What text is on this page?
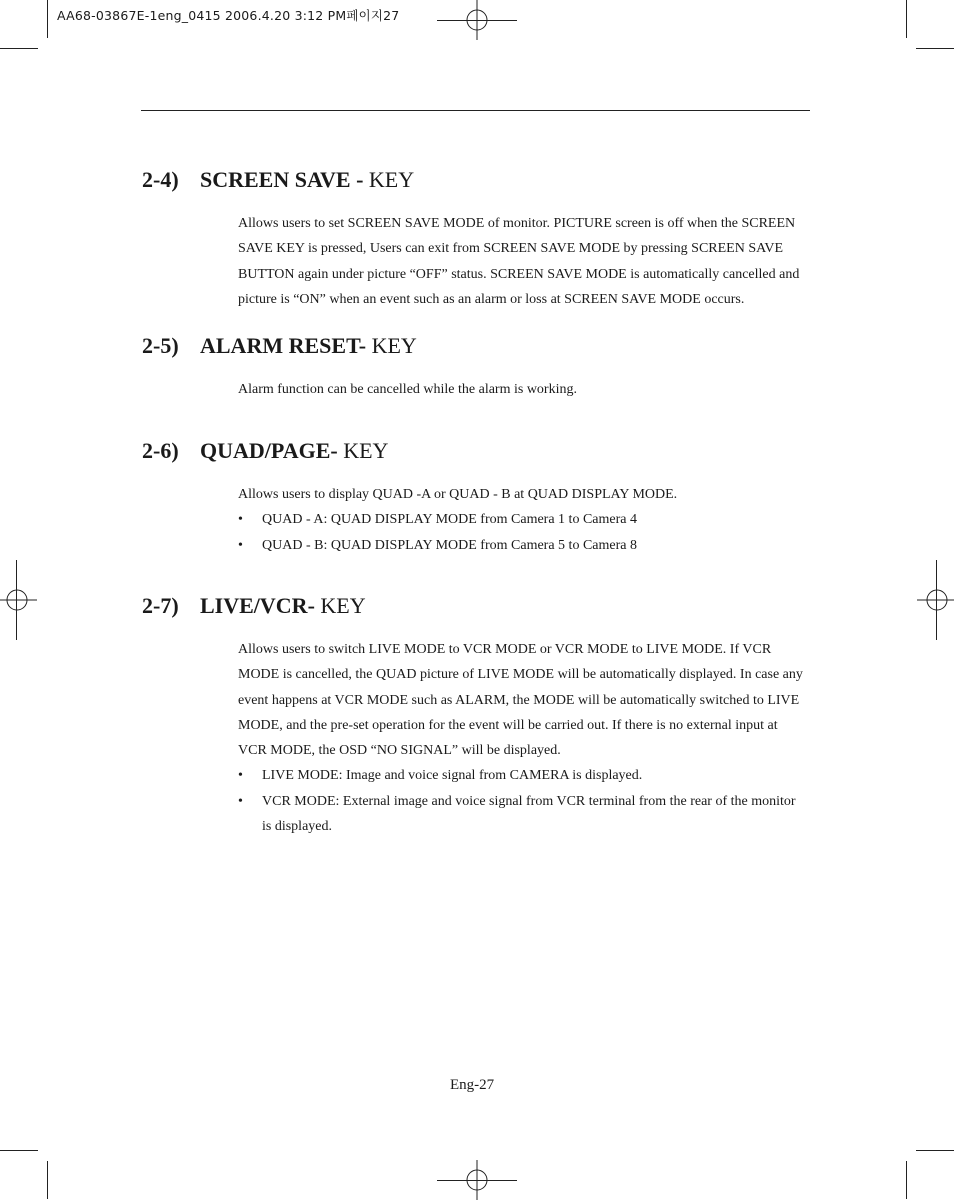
AA68-03867E-1eng_0415 2006.4.20 3:12 PM페이지27
2-4) SCREEN SAVE - KEY

Allows users to set SCREEN SAVE MODE of monitor. PICTURE screen is off when the SCREEN SAVE KEY is pressed, Users can exit from SCREEN SAVE MODE by pressing SCREEN SAVE BUTTON again under picture “OFF” status. SCREEN SAVE MODE is automatically cancelled and picture is “ON” when an event such as an alarm or loss at SCREEN SAVE MODE occurs.

2-5) ALARM RESET- KEY

Alarm function can be cancelled while the alarm is working.

2-6) QUAD/PAGE- KEY

Allows users to display QUAD -A or QUAD - B at QUAD DISPLAY MODE.

• QUAD - A: QUAD DISPLAY MODE from Camera 1 to Camera 4
• QUAD - B: QUAD DISPLAY MODE from Camera 5 to Camera 8
2-7) LIVE/VCR- KEY

Allows users to switch LIVE MODE to VCR MODE or VCR MODE to LIVE MODE. If VCR MODE is cancelled, the QUAD picture of LIVE MODE will be automatically displayed. In case any event happens at VCR MODE such as ALARM, the MODE will be automatically switched to LIVE MODE, and the pre-set operation for the event will be carried out. If there is no external input at VCR MODE, the OSD “NO SIGNAL” will be displayed.

• LIVE MODE: Image and voice signal from CAMERA is displayed.
• VCR MODE: External image and voice signal from VCR terminal from the rear of the monitor is displayed.
Eng-27
